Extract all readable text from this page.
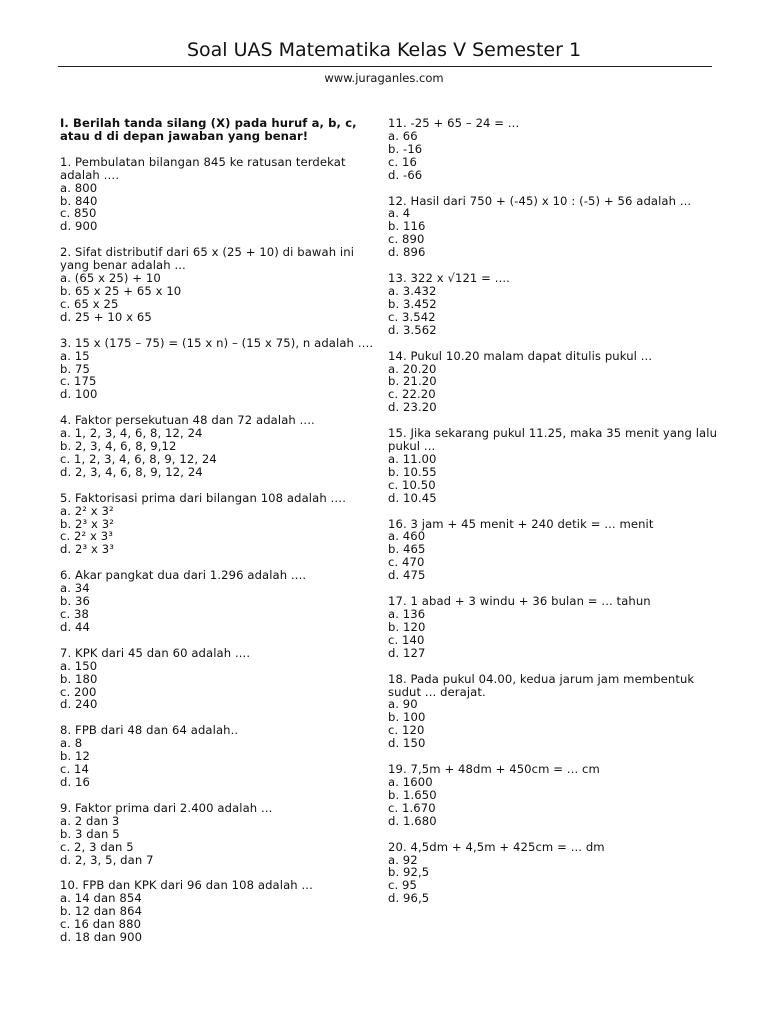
Soal UAS Matematika Kelas V Semester 1
www.juraganles.com

I. Berilah tanda silang (X) pada huruf a, b, c, atau d di depan jawaban yang benar!

1. Pembulatan bilangan 845 ke ratusan terdekat adalah ….
a. 800
b. 840
c. 850
d. 900
2. Sifat distributif dari 65 x (25 + 10) di bawah ini yang benar adalah ...
a. (65 x 25) + 10
b. 65 x 25 + 65 x 10
c. 65 x 25
d. 25 + 10 x 65
3. 15 x (175 – 75) = (15 x n) – (15 x 75), n adalah ….
a. 15
b. 75
c. 175
d. 100
4. Faktor persekutuan 48 dan 72 adalah ....
a. 1, 2, 3, 4, 6, 8, 12, 24
b. 2, 3, 4, 6, 8, 9,12
c. 1, 2, 3, 4, 6, 8, 9, 12, 24
d. 2, 3, 4, 6, 8, 9, 12, 24
5. Faktorisasi prima dari bilangan 108 adalah ….
a. 2² x 3²
b. 2³ x 3²
c. 2² x 3³
d. 2³ x 3³
6. Akar pangkat dua dari 1.296 adalah ....
a. 34
b. 36
c. 38
d. 44
7. KPK dari 45 dan 60 adalah ....
a. 150
b. 180
c. 200
d. 240
8. FPB dari 48 dan 64 adalah..
a. 8
b. 12
c. 14
d. 16
9. Faktor prima dari 2.400 adalah ...
a. 2 dan 3
b. 3 dan 5
c. 2, 3 dan 5
d. 2, 3, 5, dan 7
10. FPB dan KPK dari 96 dan 108 adalah ...
a. 14 dan 854
b. 12 dan 864
c. 16 dan 880
d. 18 dan 900
11. -25 + 65 – 24 = ...
a. 66
b. -16
c. 16
d. -66
12. Hasil dari 750 + (-45) x 10 : (-5) + 56 adalah ...
a. 4
b. 116
c. 890
d. 896
13. 322 x √121 = ....
a. 3.432
b. 3.452
c. 3.542
d. 3.562
14. Pukul 10.20 malam dapat ditulis pukul ...
a. 20.20
b. 21.20
c. 22.20
d. 23.20
15. Jika sekarang pukul 11.25, maka 35 menit yang lalu pukul ...
a. 11.00
b. 10.55
c. 10.50
d. 10.45
16. 3 jam + 45 menit + 240 detik = ... menit
a. 460
b. 465
c. 470
d. 475
17. 1 abad + 3 windu + 36 bulan = ... tahun
a. 136
b. 120
c. 140
d. 127
18. Pada pukul 04.00, kedua jarum jam membentuk sudut ... derajat.
a. 90
b. 100
c. 120
d. 150
19. 7,5m + 48dm + 450cm = ... cm
a. 1600
b. 1.650
c. 1.670
d. 1.680
20. 4,5dm + 4,5m + 425cm = ... dm
a. 92
b. 92,5
c. 95
d. 96,5
